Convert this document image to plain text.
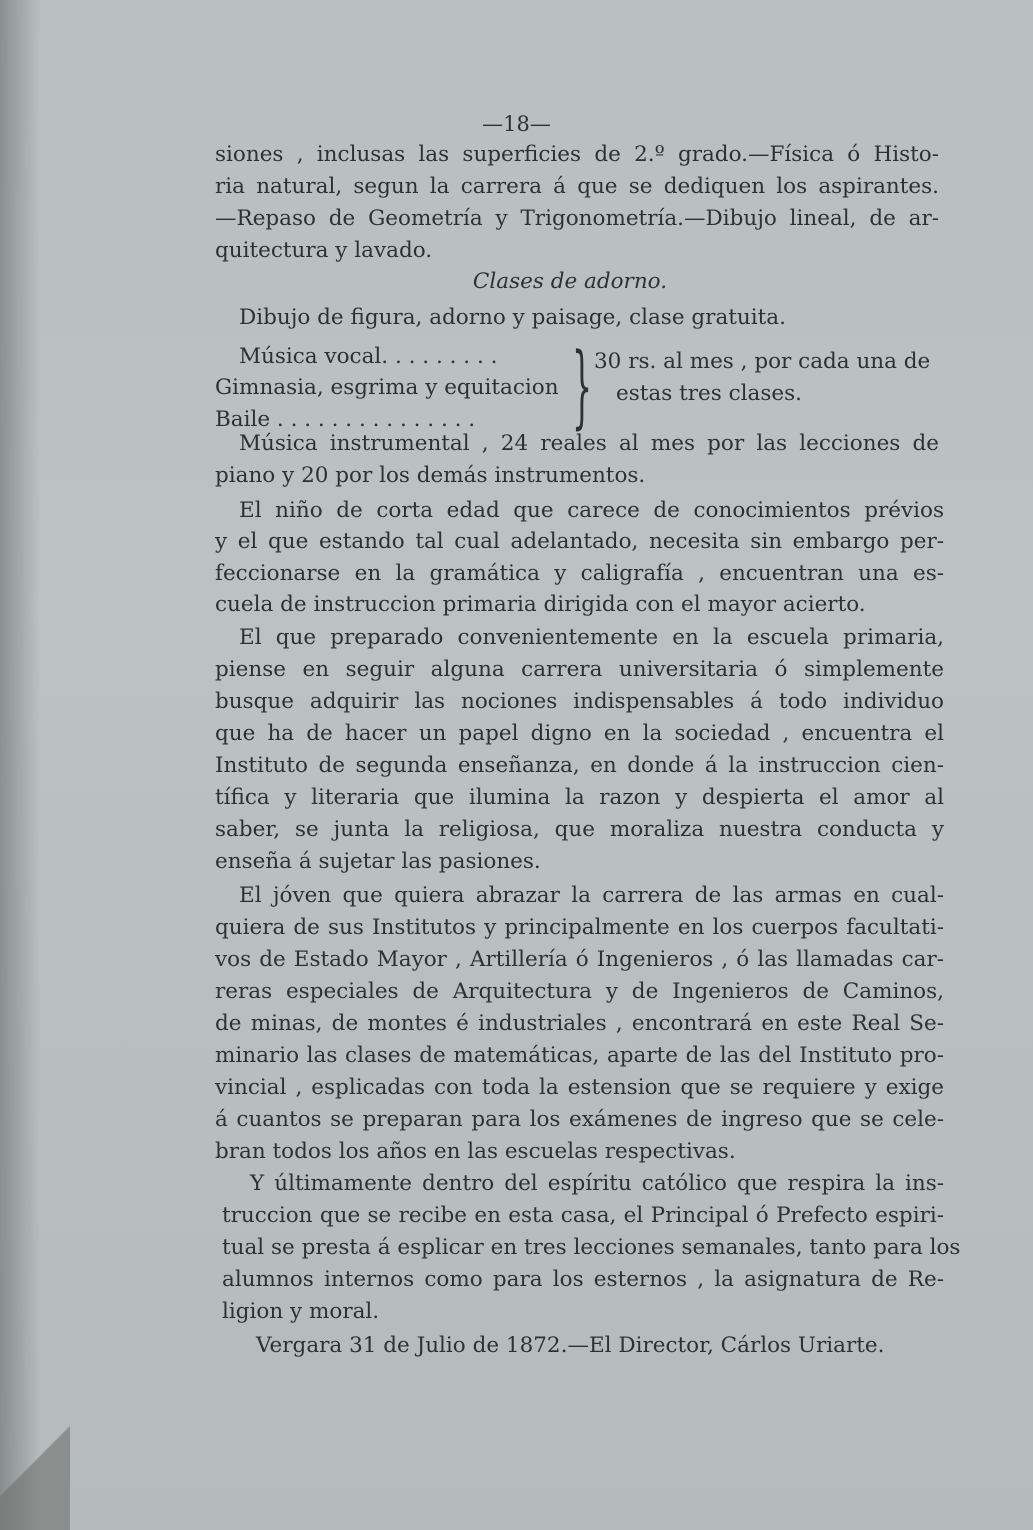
—18—
siones , inclusas las superficies de 2.º grado.—Física ó Histo-
ria natural, segun la carrera á que se dediquen los aspirantes.
—Repaso de Geometría y Trigonometría.—Dibujo lineal, de ar-
quitectura y lavado.
Clases de adorno.
Dibujo de figura, adorno y paisage, clase gratuita.
Música vocal. . . . . . . . .
Gimnasia, esgrima y equitacion
Baile . . . . . . . . . . . . . . . } 30 rs. al mes , por cada una de
estas tres clases.
Música instrumental , 24 reales al mes por las lecciones de
piano y 20 por los demás instrumentos.
El niño de corta edad que carece de conocimientos prévios
y el que estando tal cual adelantado, necesita sin embargo per-
feccionarse en la gramática y caligrafía , encuentran una es-
cuela de instruccion primaria dirigida con el mayor acierto.
El que preparado convenientemente en la escuela primaria,
piense en seguir alguna carrera universitaria ó simplemente
busque adquirir las nociones indispensables á todo individuo
que ha de hacer un papel digno en la sociedad , encuentra el
Instituto de segunda enseñanza, en donde á la instruccion cien-
tífica y literaria que ilumina la razon y despierta el amor al
saber, se junta la religiosa, que moraliza nuestra conducta y
enseña á sujetar las pasiones.
El jóven que quiera abrazar la carrera de las armas en cual-
quiera de sus Institutos y principalmente en los cuerpos facultati-
vos de Estado Mayor , Artillería ó Ingenieros , ó las llamadas car-
reras especiales de Arquitectura y de Ingenieros de Caminos,
de minas, de montes é industriales , encontrará en este Real Se-
minario las clases de matemáticas, aparte de las del Instituto pro-
vincial , esplicadas con toda la estension que se requiere y exige
á cuantos se preparan para los exámenes de ingreso que se cele-
bran todos los años en las escuelas respectivas.
Y últimamente dentro del espíritu católico que respira la ins-
truccion que se recibe en esta casa, el Principal ó Prefecto espiri-
tual se presta á esplicar en tres lecciones semanales, tanto para los
alumnos internos como para los esternos , la asignatura de Re-
ligion y moral.
Vergara 31 de Julio de 1872.—El Director, Cárlos Uriarte.
